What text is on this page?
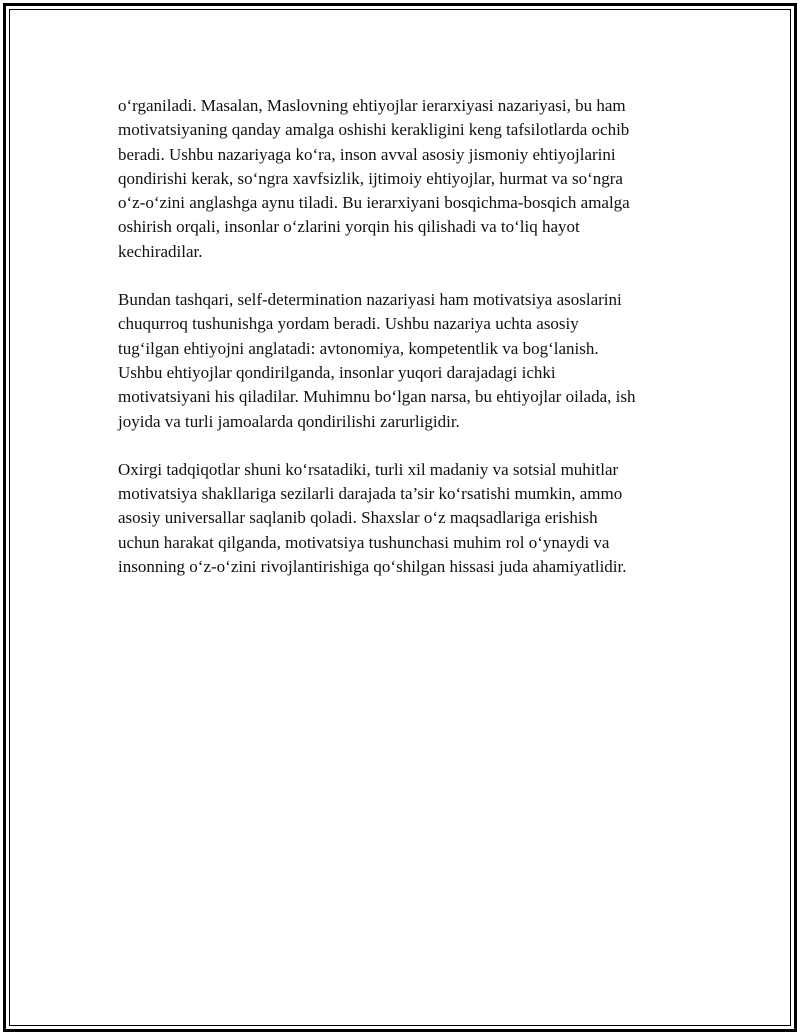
o‘rganiladi. Masalan, Maslovning ehtiyojlar ierarxiyasi nazariyasi, bu ham
motivatsiyaning qanday amalga oshishi kerakligini keng tafsilotlarda ochib
beradi. Ushbu nazariyaga ko‘ra, inson avval asosiy jismoniy ehtiyojlarini
qondirishi kerak, so‘ngra xavfsizlik, ijtimoiy ehtiyojlar, hurmat va so‘ngra
o‘z-o‘zini anglashga aynu tiladi. Bu ierarxiyani bosqichma-bosqich amalga
oshirish orqali, insonlar o‘zlarini yorqin his qilishadi va to‘liq hayot
kechiradilar.

Bundan tashqari, self-determination nazariyasi ham motivatsiya asoslarini
chuqurroq tushunishga yordam beradi. Ushbu nazariya uchta asosiy
tug‘ilgan ehtiyojni anglatadi: avtonomiya, kompetentlik va bog‘lanish.
Ushbu ehtiyojlar qondirilganda, insonlar yuqori darajadagi ichki
motivatsiyani his qiladilar. Muhimnu bo‘lgan narsa, bu ehtiyojlar oilada, ish
joyida va turli jamoalarda qondirilishi zarurligidir.

Oxirgi tadqiqotlar shuni ko‘rsatadiki, turli xil madaniy va sotsial muhitlar
motivatsiya shakllariga sezilarli darajada ta’sir ko‘rsatishi mumkin, ammo
asosiy universallar saqlanib qoladi. Shaxslar o‘z maqsadlariga erishish
uchun harakat qilganda, motivatsiya tushunchasi muhim rol o‘ynaydi va
insonning o‘z-o‘zini rivojlantirishiga qo‘shilgan hissasi juda ahamiyatlidir.
